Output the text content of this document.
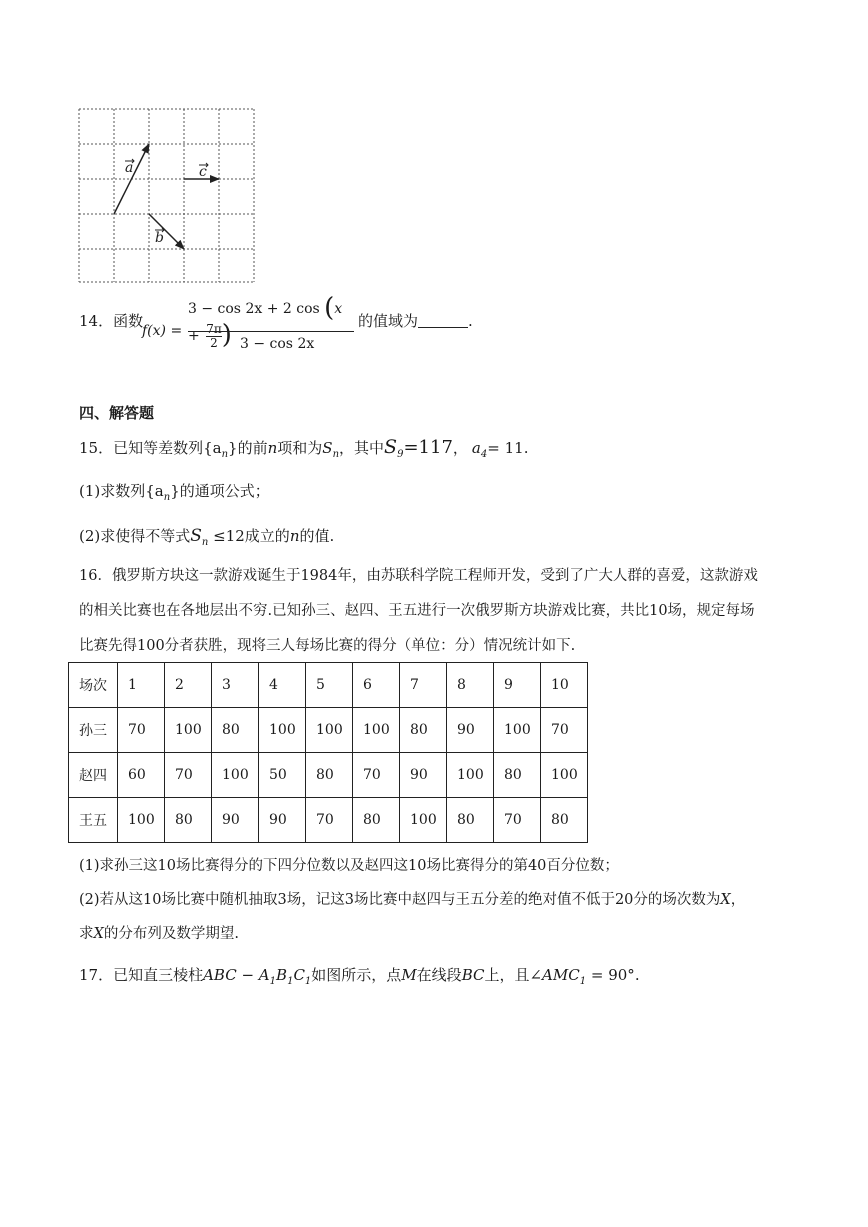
a	c
b
14．函数
f(x) =
3 − cos 2x + 2 $\cos (x + \frac{7\pi}{2}$ ) 3 − cos 2x
的值域为	.
四、解答题
15．已知等差数列$\{a_n\}$的前n项和为$S_n$，其中$S_9=117$， $a_4= 11$.
(1)求数列$\{a_n\}$的通项公式；
(2)求使得不等式$S_n \le 12$成立的n的值.
16．俄罗斯方块这一款游戏诞生于1984年，由苏联科学院工程师开发，受到了广大人群的喜爱，这款游戏
的相关比赛也在各地层出不穷.已知孙三、赵四、王五进行一次俄罗斯方块游戏比赛，共比10场，规定每场
比赛先得100分者获胜，现将三人每场比赛的得分（单位：分）情况统计如下.
场次	1	2	3	4	5	6	7	8	9	10
孙三	70	100	80	100	100	100	80	90	100	70
赵四	60	70	100	50	80	70	90	100	80	100
王五	100	80	90	90	70	80	100	80	70	80
(1)求孙三这10场比赛得分的下四分位数以及赵四这10场比赛得分的第40百分位数；
(2)若从这10场比赛中随机抽取3场，记这3场比赛中赵四与王五分差的绝对值不低于20分的场次数为X，
求X的分布列及数学期望.
17．已知直三棱柱ABC − $A_1B_1C_1$如图所示，点M在线段BC上，且$\angle AMC_1 = 90^\circ$.
